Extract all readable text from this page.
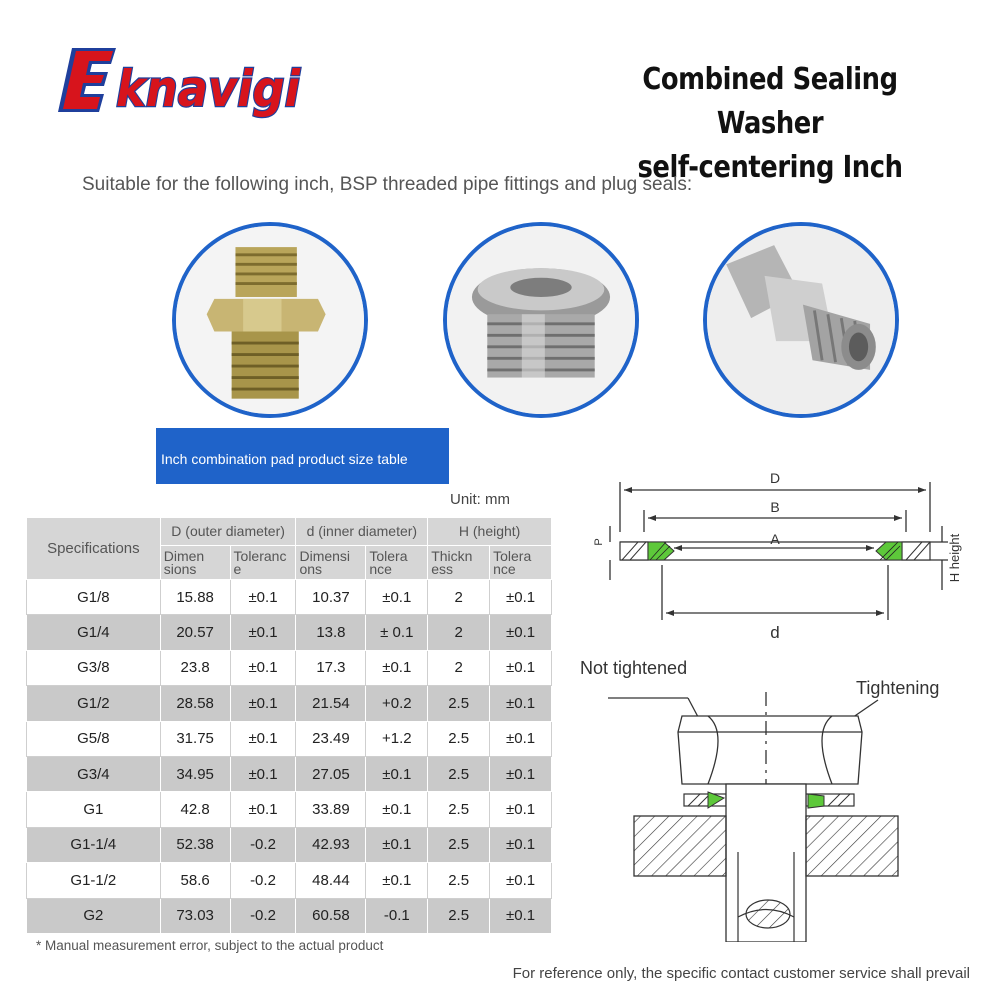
knavigi	Combined Sealing Washer
self-centering Inch
Suitable for the following inch, BSP threaded pipe fittings and plug seals:
Inch combination pad product size table
Unit: mm
Specifications	D (outer diameter)		d (inner diameter)		H (height)	
	Dimen sions	Toleranc e	Dimensi ons	Tolera nce	Thickn ess	Tolera nce
G1/8	15.88	±0.1	10.37	±0.1	2	±0.1
G1/4	20.57	±0.1	13.8	± 0.1	2	±0.1
G3/8	23.8	±0.1	17.3	±0.1	2	±0.1
G1/2	28.58	±0.1	21.54	+0.2	2.5	±0.1
G5/8	31.75	±0.1	23.49	+1.2	2.5	±0.1
G3/4	34.95	±0.1	27.05	±0.1	2.5	±0.1
G1	42.8	±0.1	33.89	±0.1	2.5	±0.1
G1-1/4	52.38	-0.2	42.93	±0.1	2.5	±0.1
G1-1/2	58.6	-0.2	48.44	±0.1	2.5	±0.1
G2	73.03	-0.2	60.58	-0.1	2.5	±0.1
* Manual measurement error, subject to the actual product
For reference only, the specific contact customer service shall prevail
D
B
A
d
P	H height
Not tightened
Tightening
